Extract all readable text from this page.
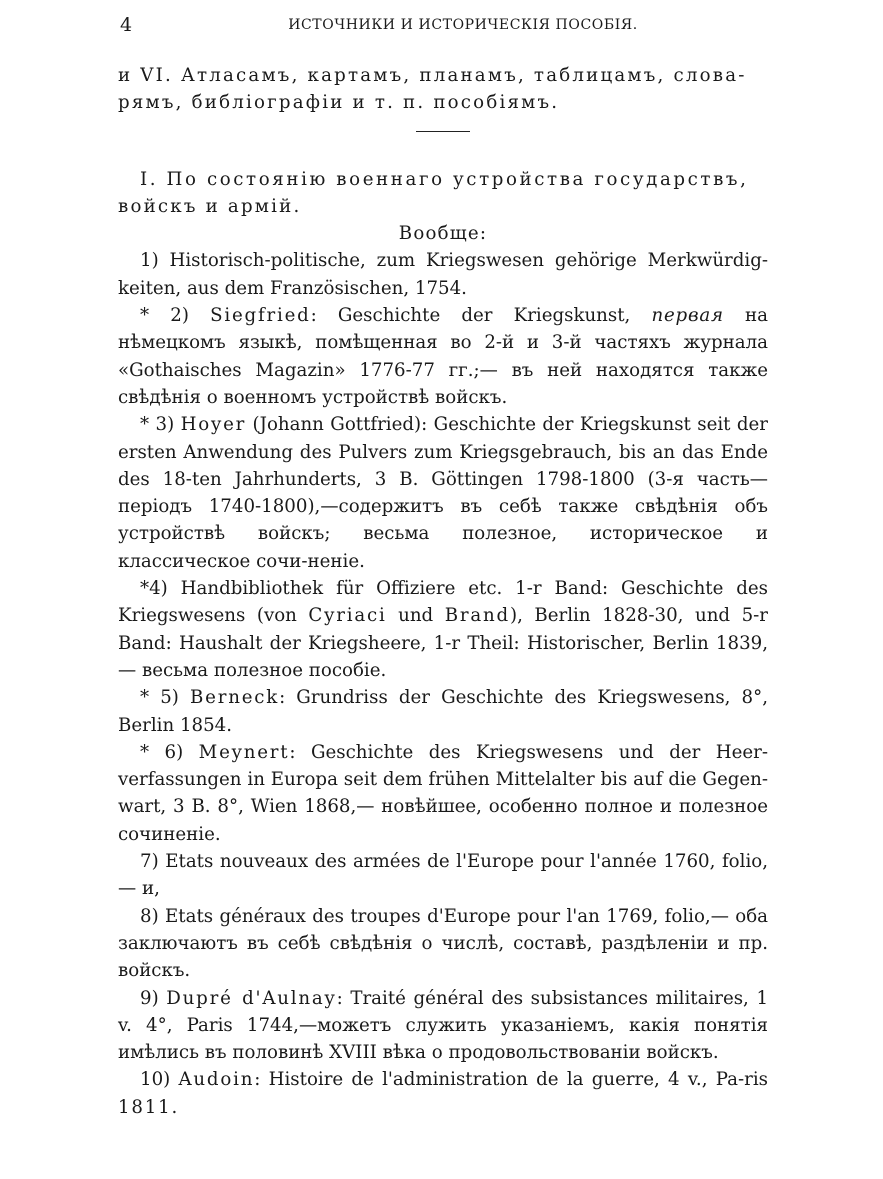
4	ИСТОЧНИКИ И ИСТОРИЧЕСКІЯ ПОСОБІЯ.

и VI. Атласамъ, картамъ, планамъ, таблицамъ, слова-

рямъ, библіографіи и т. п. пособіямъ.

I. По состоянію военнаго устройства государствъ,

войскъ и армій.

Вообще:

1) Historisch-politische, zum Kriegswesen gehörige Merkwürdig-keiten, aus dem Französischen, 1754.

* 2) Siegfried: Geschichte der Kriegskunst, первая на нѣмецкомъ языкѣ, помѣщенная во 2-й и 3-й частяхъ журнала «Gothaisches Magazin» 1776-77 гг.;— въ ней находятся также свѣдѣнія о военномъ устройствѣ войскъ.

* 3) Hoyer (Johann Gottfried): Geschichte der Kriegskunst seit der ersten Anwendung des Pulvers zum Kriegsgebrauch, bis an das Ende des 18-ten Jahrhunderts, 3 B. Göttingen 1798-1800 (3-я часть— періодъ 1740-1800),—содержитъ въ себѣ также свѣдѣнія объ устройствѣ войскъ; весьма полезное, историческое и классическое сочи-неніе.

*4) Handbibliothek für Offiziere etc. 1-r Band: Geschichte des Kriegswesens (von Cyriaci und Brand), Berlin 1828-30, und 5-r Band: Haushalt der Kriegsheere, 1-r Theil: Historischer, Berlin 1839,— весьма полезное пособіе.

* 5) Berneck: Grundriss der Geschichte des Kriegswesens, 8°, Berlin 1854.

* 6) Meynert: Geschichte des Kriegswesens und der Heer-verfassungen in Europa seit dem frühen Mittelalter bis auf die Gegen-wart, 3 B. 8°, Wien 1868,— новѣйшее, особенно полное и полезное сочиненіе.

7) Etats nouveaux des armées de l'Europe pour l'année 1760, folio,— и,

8) Etats généraux des troupes d'Europe pour l'an 1769, folio,— оба заключаютъ въ себѣ свѣдѣнія о числѣ, составѣ, раздѣленіи и пр. войскъ.

9) Dupré d'Aulnay: Traité général des subsistances militaires, 1 v. 4°, Paris 1744,—можетъ служить указаніемъ, какія понятія имѣлись въ половинѣ XVIII вѣка о продовольствованіи войскъ.

10) Audoin: Histoire de l'administration de la guerre, 4 v., Pa-ris 1811.
